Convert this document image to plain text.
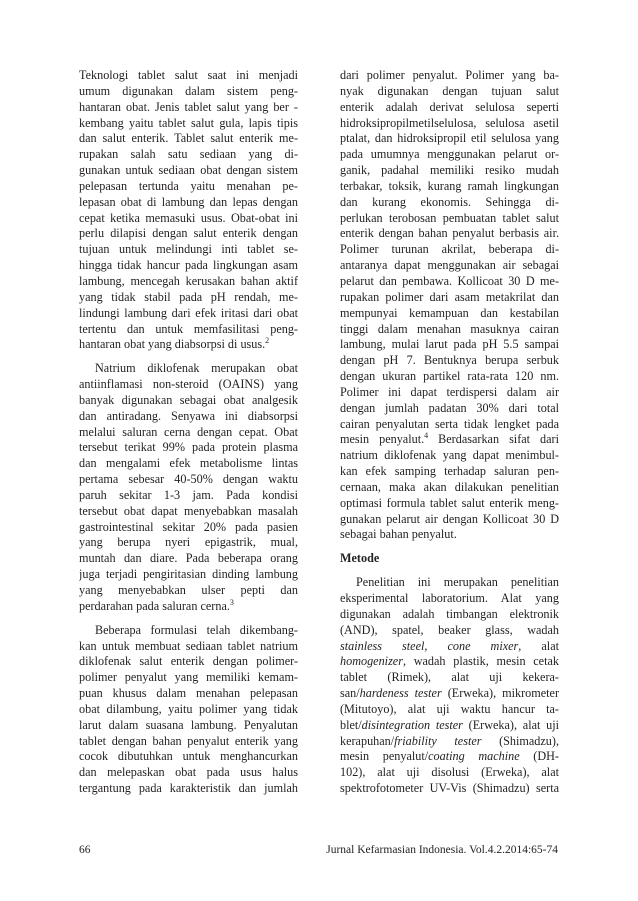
Teknologi tablet salut saat ini menjadi
umum digunakan dalam sistem peng-
hantaran obat. Jenis tablet salut yang ber -
kembang yaitu tablet salut gula, lapis tipis
dan salut enterik. Tablet salut enterik me-
rupakan salah satu sediaan yang di-
gunakan untuk sediaan obat dengan sistem
pelepasan tertunda yaitu menahan pe-
lepasan obat di lambung dan lepas dengan
cepat ketika memasuki usus. Obat-obat ini
perlu dilapisi dengan salut enterik dengan
tujuan untuk melindungi inti tablet se-
hingga tidak hancur pada lingkungan asam
lambung, mencegah kerusakan bahan aktif
yang tidak stabil pada pH rendah, me-
lindungi lambung dari efek iritasi dari obat
tertentu dan untuk memfasilitasi peng-
hantaran obat yang diabsorpsi di usus.$^2$
Natrium diklofenak merupakan obat
antiinflamasi non-steroid (OAINS) yang
banyak digunakan sebagai obat analgesik
dan antiradang. Senyawa ini diabsorpsi
melalui saluran cerna dengan cepat. Obat
tersebut terikat 99% pada protein plasma
dan mengalami efek metabolisme lintas
pertama sebesar 40-50% dengan waktu
paruh sekitar 1-3 jam. Pada kondisi
tersebut obat dapat menyebabkan masalah
gastrointestinal sekitar 20% pada pasien
yang berupa nyeri epigastrik, mual,
muntah dan diare. Pada beberapa orang
juga terjadi pengiritasian dinding lambung
yang menyebabkan ulser pepti dan
perdarahan pada saluran cerna.$^3$
Beberapa formulasi telah dikembang-
kan untuk membuat sediaan tablet natrium
diklofenak salut enterik dengan polimer-
polimer penyalut yang memiliki kemam-
puan khusus dalam menahan pelepasan
obat dilambung, yaitu polimer yang tidak
larut dalam suasana lambung. Penyalutan
tablet dengan bahan penyalut enterik yang
cocok dibutuhkan untuk menghancurkan
dan melepaskan obat pada usus halus
tergantung pada karakteristik dan jumlah
dari polimer penyalut. Polimer yang ba-
nyak digunakan dengan tujuan salut
enterik adalah derivat selulosa seperti
hidroksipropilmetilselulosa, selulosa asetil
ptalat, dan hidroksipropil etil selulosa yang
pada umumnya menggunakan pelarut or-
ganik, padahal memiliki resiko mudah
terbakar, toksik, kurang ramah lingkungan
dan kurang ekonomis. Sehingga di-
perlukan terobosan pembuatan tablet salut
enterik dengan bahan penyalut berbasis air.
Polimer turunan akrilat, beberapa di-
antaranya dapat menggunakan air sebagai
pelarut dan pembawa. Kollicoat 30 D me-
rupakan polimer dari asam metakrilat dan
mempunyai kemampuan dan kestabilan
tinggi dalam menahan masuknya cairan
lambung, mulai larut pada pH 5.5 sampai
dengan pH 7. Bentuknya berupa serbuk
dengan ukuran partikel rata-rata 120 nm.
Polimer ini dapat terdispersi dalam air
dengan jumlah padatan 30% dari total
cairan penyalutan serta tidak lengket pada
mesin penyalut.$^4$ Berdasarkan sifat dari
natrium diklofenak yang dapat menimbul-
kan efek samping terhadap saluran pen-
cernaan, maka akan dilakukan penelitian
optimasi formula tablet salut enterik meng-
gunakan pelarut air dengan Kollicoat 30 D
sebagai bahan penyalut.
Metode
Penelitian ini merupakan penelitian
eksperimental laboratorium. Alat yang
digunakan adalah timbangan elektronik
(AND), spatel, beaker glass, wadah
stainless steel, cone mixer, alat
homogenizer, wadah plastik, mesin cetak
tablet (Rimek), alat uji kekera-
san/hardeness tester (Erweka), mikrometer
(Mitutoyo), alat uji waktu hancur ta-
blet/disintegration tester (Erweka), alat uji
kerapuhan/friability tester (Shimadzu),
mesin penyalut/coating machine (DH-
102), alat uji disolusi (Erweka), alat
spektrofotometer UV-Vis (Shimadzu) serta
66	Jurnal Kefarmasian Indonesia. Vol.4.2.2014:65-74
